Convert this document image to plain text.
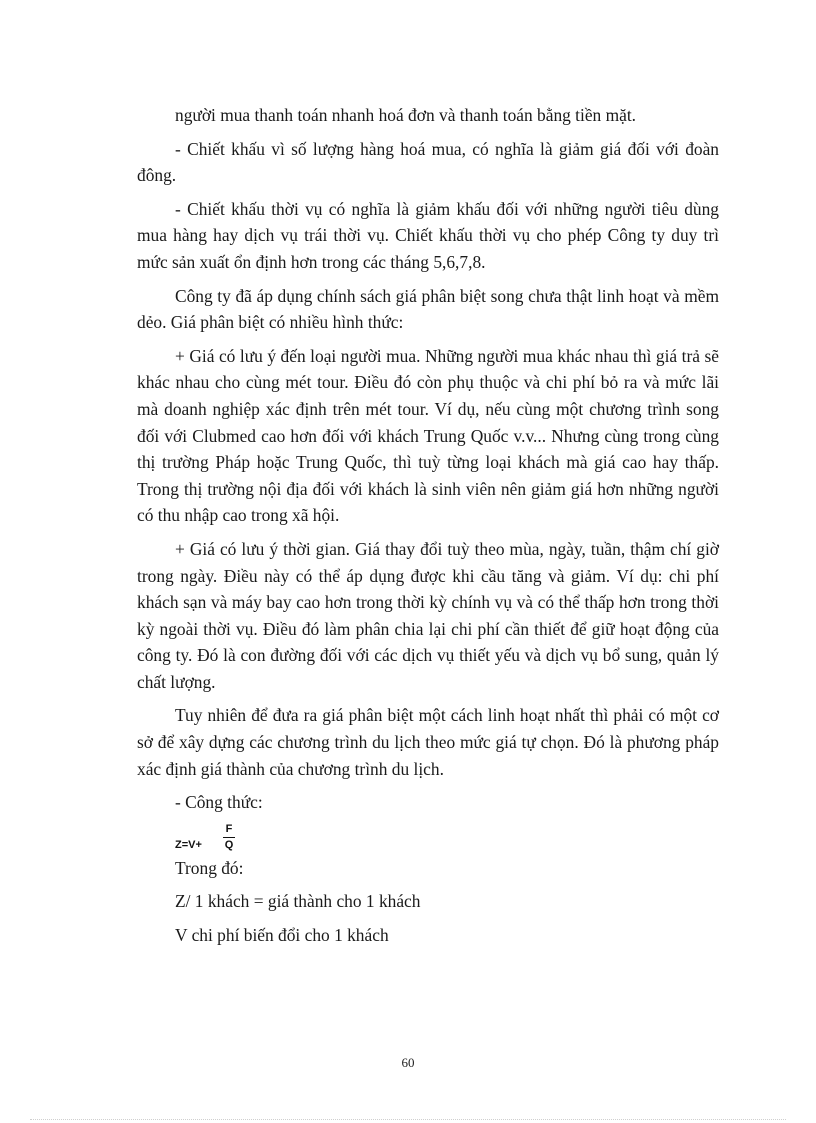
người mua thanh toán nhanh hoá đơn và thanh toán bằng tiền mặt.

- Chiết khấu vì số lượng hàng hoá mua, có nghĩa là giảm giá đối với đoàn đông.

- Chiết khấu thời vụ có nghĩa là giảm khấu đối với những người tiêu dùng mua hàng hay dịch vụ trái thời vụ. Chiết khấu thời vụ cho phép Công ty duy trì mức sản xuất ổn định hơn trong các tháng 5,6,7,8.

Công ty đã áp dụng chính sách giá phân biệt song chưa thật linh hoạt và mềm dẻo. Giá phân biệt có nhiều hình thức:

+ Giá có lưu ý đến loại người mua. Những người mua khác nhau thì giá trả sẽ khác nhau cho cùng mét tour. Điều đó còn phụ thuộc và chi phí bỏ ra và mức lãi mà doanh nghiệp xác định trên mét tour. Ví dụ, nếu cùng một chương trình song đối với Clubmed cao hơn đối với khách Trung Quốc v.v... Nhưng cùng trong cùng thị trường Pháp hoặc Trung Quốc, thì tuỳ từng loại khách mà giá cao hay thấp. Trong thị trường nội địa đối với khách là sinh viên nên giảm giá hơn những người có thu nhập cao trong xã hội.

+ Giá có lưu ý thời gian. Giá thay đổi tuỳ theo mùa, ngày, tuần, thậm chí giờ trong ngày. Điều này có thể áp dụng được khi cầu tăng và giảm. Ví dụ: chi phí khách sạn và máy bay cao hơn trong thời kỳ chính vụ và có thể thấp hơn trong thời kỳ ngoài thời vụ. Điều đó làm phân chia lại chi phí cần thiết để giữ hoạt động của công ty. Đó là con đường đối với các dịch vụ thiết yếu và dịch vụ bổ sung, quản lý chất lượng.

Tuy nhiên để đưa ra giá phân biệt một cách linh hoạt nhất thì phải có một cơ sở để xây dựng các chương trình du lịch theo mức giá tự chọn. Đó là phương pháp xác định giá thành của chương trình du lịch.

- Công thức:

Z=V+
F
Q

Trong đó:

Z/ 1 khách = giá thành cho 1 khách

V chi phí biến đổi cho 1 khách

60
